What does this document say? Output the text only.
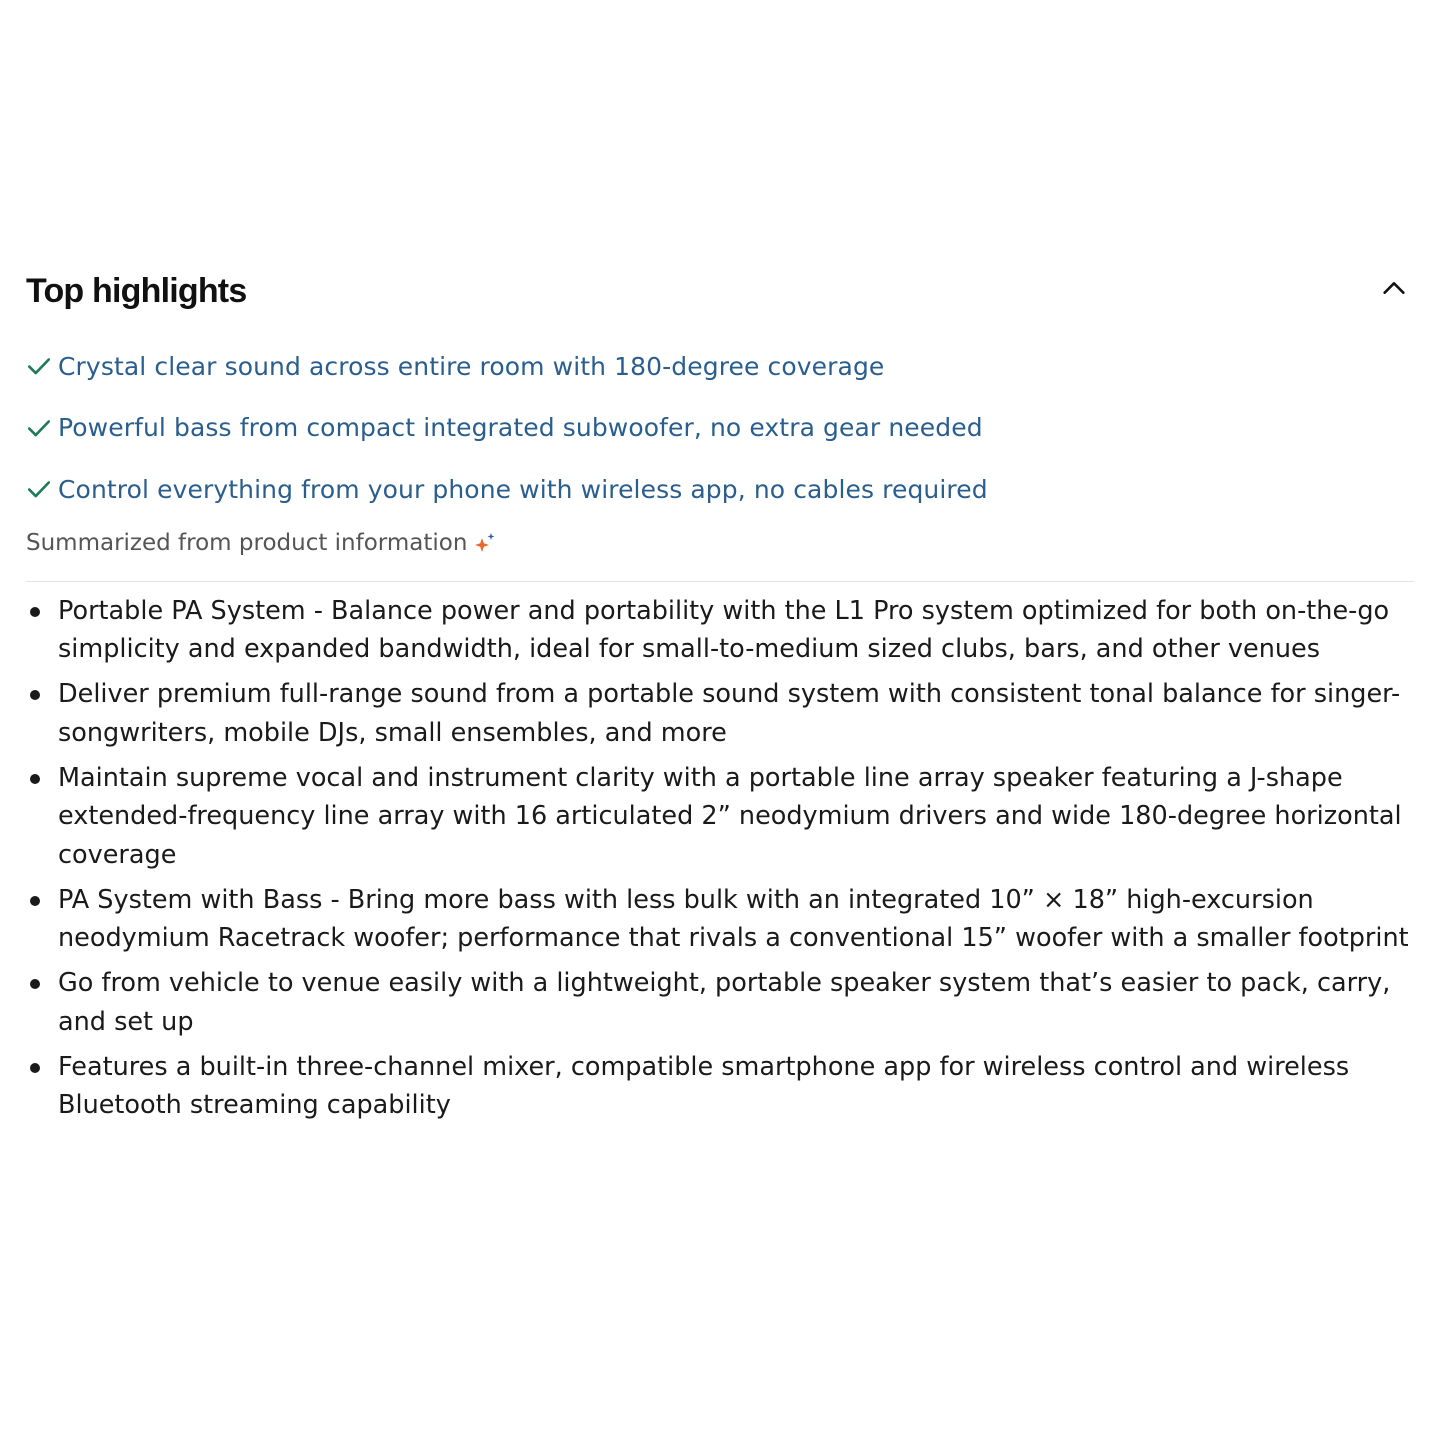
Top highlights
Crystal clear sound across entire room with 180-degree coverage
Powerful bass from compact integrated subwoofer, no extra gear needed
Control everything from your phone with wireless app, no cables required
Summarized from product information
Portable PA System - Balance power and portability with the L1 Pro system optimized for both on-the-go simplicity and expanded bandwidth, ideal for small-to-medium sized clubs, bars, and other venues
Deliver premium full-range sound from a portable sound system with consistent tonal balance for singer-songwriters, mobile DJs, small ensembles, and more
Maintain supreme vocal and instrument clarity with a portable line array speaker featuring a J-shape extended-frequency line array with 16 articulated 2” neodymium drivers and wide 180-degree horizontal coverage
PA System with Bass - Bring more bass with less bulk with an integrated 10” × 18” high-excursion neodymium Racetrack woofer; performance that rivals a conventional 15” woofer with a smaller footprint
Go from vehicle to venue easily with a lightweight, portable speaker system that’s easier to pack, carry, and set up
Features a built-in three-channel mixer, compatible smartphone app for wireless control and wireless Bluetooth streaming capability
